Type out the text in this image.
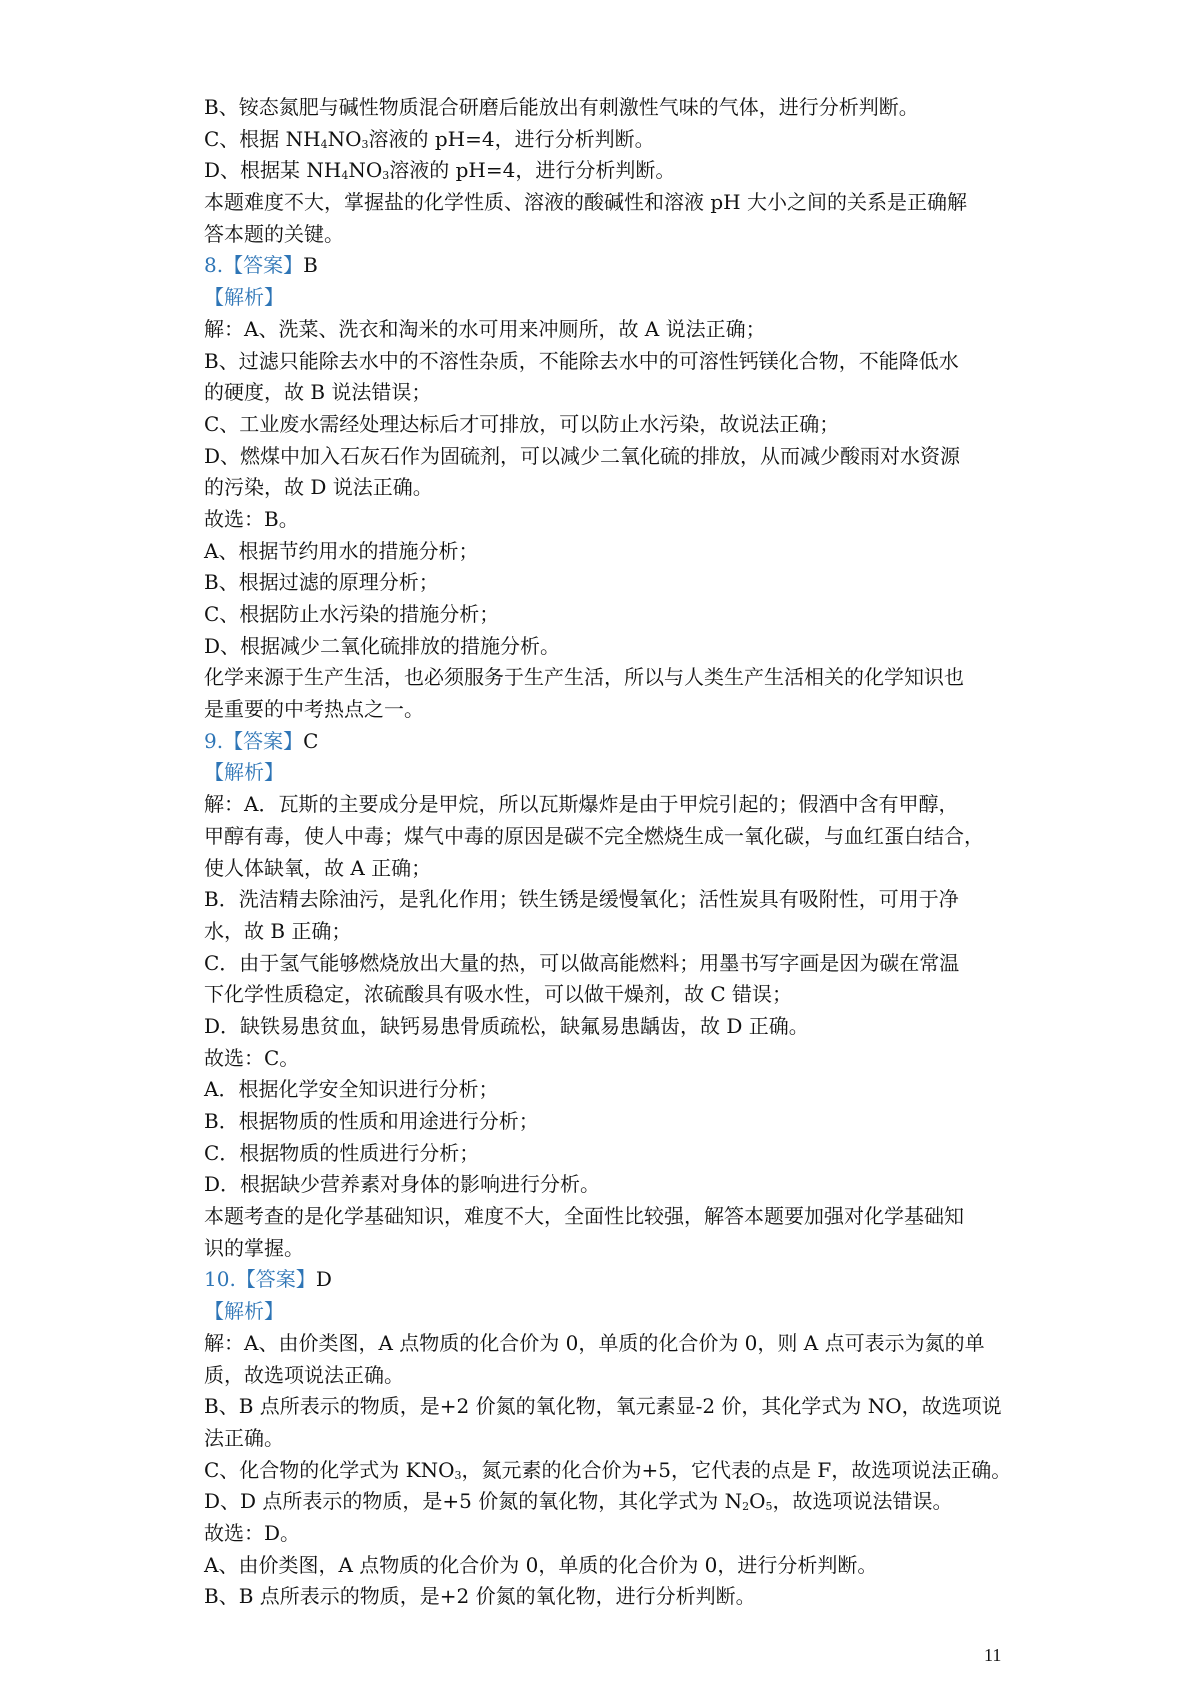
B、铵态氮肥与碱性物质混合研磨后能放出有刺激性气味的气体，进行分析判断。
C、根据 $NH_4NO_3$溶液的 pH=4，进行分析判断。
D、根据某 $NH_4NO_3$溶液的 pH=4，进行分析判断。
本题难度不大，掌握盐的化学性质、溶液的酸碱性和溶液 pH 大小之间的关系是正确解
答本题的关键。
8.【答案】B
【解析】
解：A、洗菜、洗衣和淘米的水可用来冲厕所，故 A 说法正确；
B、过滤只能除去水中的不溶性杂质，不能除去水中的可溶性钙镁化合物，不能降低水
的硬度，故 B 说法错误；
C、工业废水需经处理达标后才可排放，可以防止水污染，故说法正确；
D、燃煤中加入石灰石作为固硫剂，可以减少二氧化硫的排放，从而减少酸雨对水资源
的污染，故 D 说法正确。
故选：B。
A、根据节约用水的措施分析；
B、根据过滤的原理分析；
C、根据防止水污染的措施分析；
D、根据减少二氧化硫排放的措施分析。
化学来源于生产生活，也必须服务于生产生活，所以与人类生产生活相关的化学知识也
是重要的中考热点之一。
9.【答案】C
【解析】
解：A．瓦斯的主要成分是甲烷，所以瓦斯爆炸是由于甲烷引起的；假酒中含有甲醇，
甲醇有毒，使人中毒；煤气中毒的原因是碳不完全燃烧生成一氧化碳，与血红蛋白结合，
使人体缺氧，故 A 正确；
B．洗洁精去除油污，是乳化作用；铁生锈是缓慢氧化；活性炭具有吸附性，可用于净
水，故 B 正确；
C．由于氢气能够燃烧放出大量的热，可以做高能燃料；用墨书写字画是因为碳在常温
下化学性质稳定，浓硫酸具有吸水性，可以做干燥剂，故 C 错误；
D．缺铁易患贫血，缺钙易患骨质疏松，缺氟易患龋齿，故 D 正确。
故选：C。
A．根据化学安全知识进行分析；
B．根据物质的性质和用途进行分析；
C．根据物质的性质进行分析；
D．根据缺少营养素对身体的影响进行分析。
本题考查的是化学基础知识，难度不大，全面性比较强，解答本题要加强对化学基础知
识的掌握。
10.【答案】D
【解析】
解：A、由价类图，A 点物质的化合价为 0，单质的化合价为 0，则 A 点可表示为氮的单
质，故选项说法正确。
B、B 点所表示的物质，是+2 价氮的氧化物，氧元素显-2 价，其化学式为 NO，故选项说
法正确。
C、化合物的化学式为 $KNO_3$，氮元素的化合价为+5，它代表的点是 F，故选项说法正确。
D、D 点所表示的物质，是+5 价氮的氧化物，其化学式为 $N_2O_5$，故选项说法错误。
故选：D。
A、由价类图，A 点物质的化合价为 0，单质的化合价为 0，进行分析判断。
B、B 点所表示的物质，是+2 价氮的氧化物，进行分析判断。
11
